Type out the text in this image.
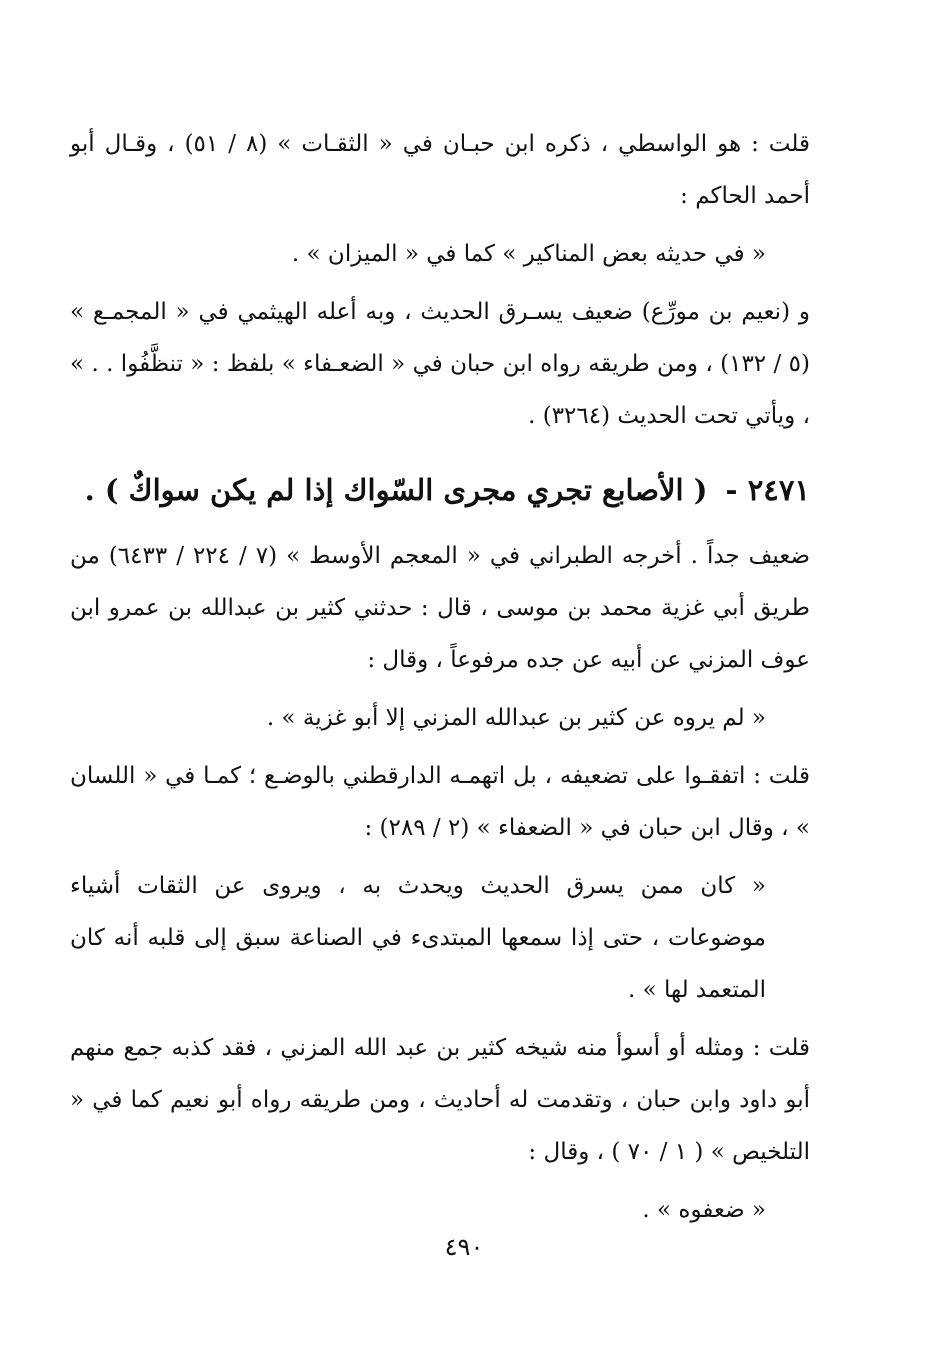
قلت : هو الواسطي ، ذكره ابن حبـان في « الثقـات » (٨ / ٥١) ، وقـال أبو أحمد الحاكم :

« في حديثه بعض المناكير » كما في « الميزان » .

و (نعيم بن مورِّع) ضعيف يسـرق الحديث ، وبه أعله الهيثمي في « المجمـع » (٥ / ١٣٢) ، ومن طريقه رواه ابن حبان في « الضعـفاء » بلفظ : « تنظَّفُوا . . » ، ويأتي تحت الحديث (٣٢٦٤) .

٢٤٧١ - ( الأصابع تجري مجرى السّواك إذا لم يكن سواكٌ ) .

ضعيف جداً . أخرجه الطبراني في « المعجم الأوسط » (٧ / ٢٢٤ / ٦٤٣٣) من طريق أبي غزية محمد بن موسى ، قال : حدثني كثير بن عبدالله بن عمرو ابن عوف المزني عن أبيه عن جده مرفوعاً ، وقال :

« لم يروه عن كثير بن عبدالله المزني إلا أبو غزية » .

قلت : اتفقـوا على تضعيفه ، بل اتهمـه الدارقطني بالوضـع ؛ كمـا في « اللسان » ، وقال ابن حبان في « الضعفاء » (٢ / ٢٨٩) :

« كان ممن يسرق الحديث ويحدث به ، ويروى عن الثقات أشياء موضوعات ، حتى إذا سمعها المبتدىء في الصناعة سبق إلى قلبه أنه كان المتعمد لها » .

قلت : ومثله أو أسوأ منه شيخه كثير بن عبد الله المزني ، فقد كذبه جمع منهم أبو داود وابن حبان ، وتقدمت له أحاديث ، ومن طريقه رواه أبو نعيم كما في « التلخيص » ( ١ / ٧٠ ) ، وقال :

« ضعفوه » .

٤٩٠
